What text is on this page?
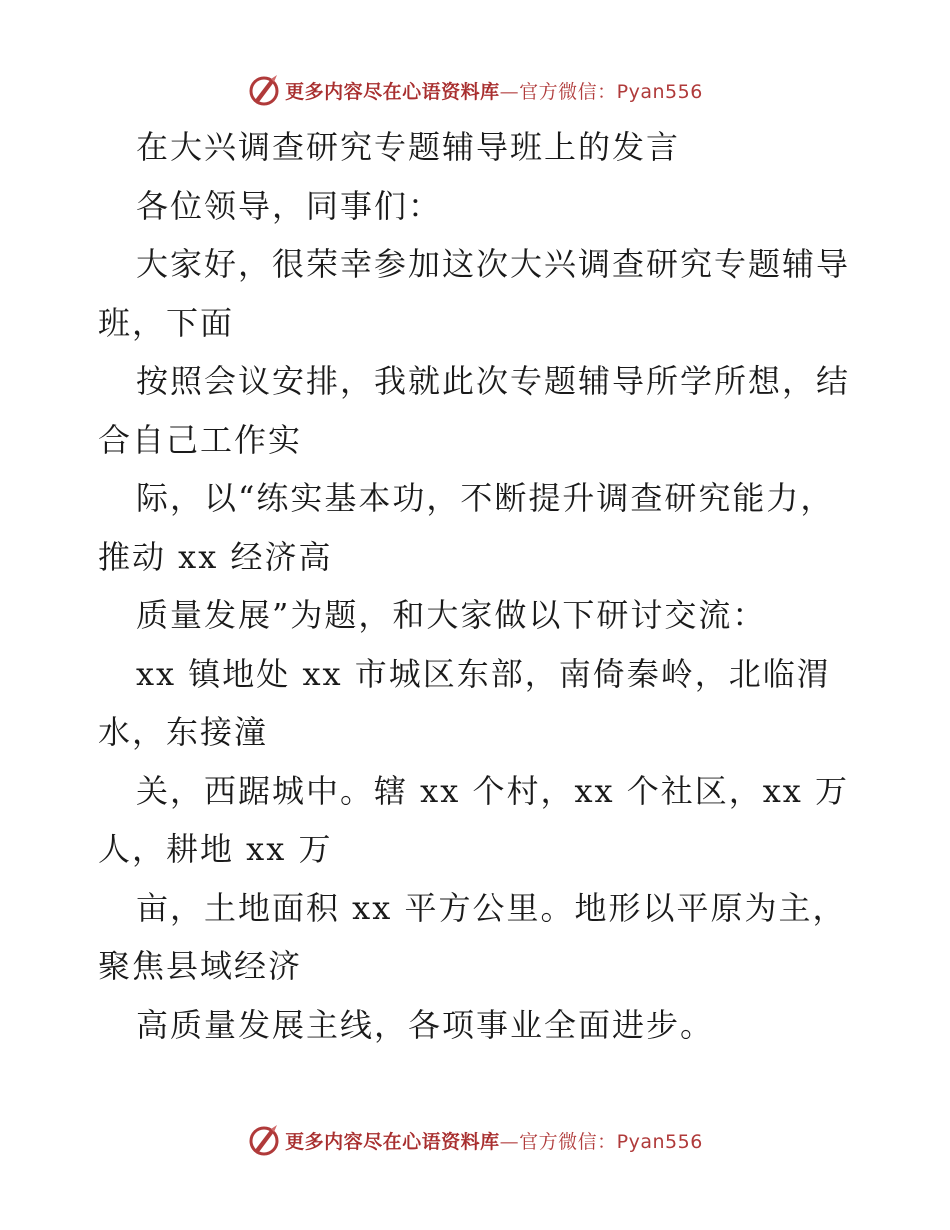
更多内容尽在心语资料库—官方微信：Pyan556
在大兴调查研究专题辅导班上的发言
各位领导，同事们：
大家好，很荣幸参加这次大兴调查研究专题辅导
班，下面
按照会议安排，我就此次专题辅导所学所想，结
合自己工作实
际，以“练实基本功，不断提升调查研究能力，
推动 xx 经济高
质量发展”为题，和大家做以下研讨交流：
xx 镇地处 xx 市城区东部，南倚秦岭，北临渭
水，东接潼
关，西踞城中。辖 xx 个村，xx 个社区，xx 万
人，耕地 xx 万
亩，土地面积 xx 平方公里。地形以平原为主，
聚焦县域经济
高质量发展主线，各项事业全面进步。
更多内容尽在心语资料库—官方微信：Pyan556
